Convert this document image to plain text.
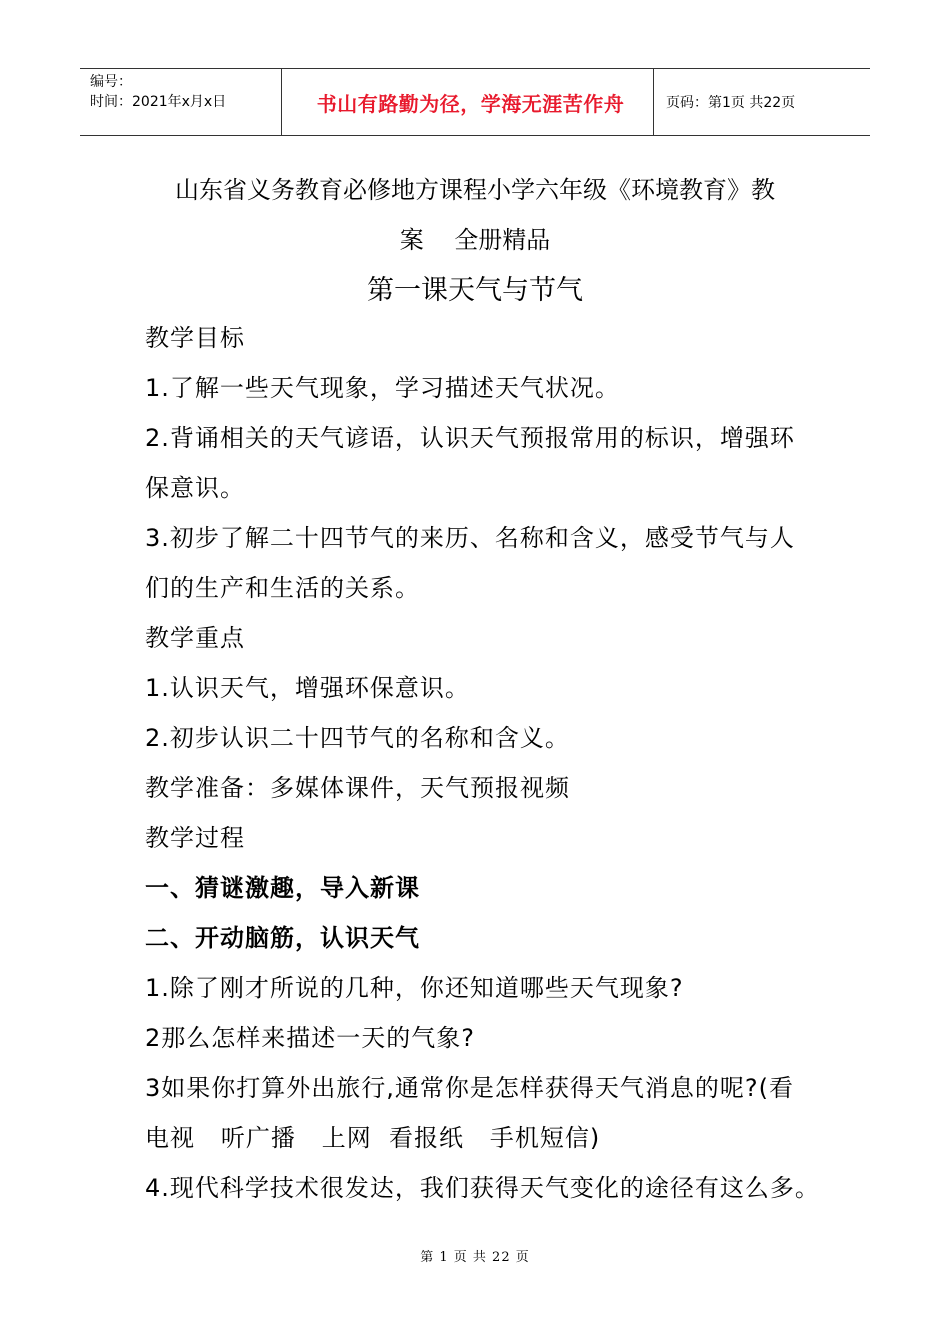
编号：
时间：2021年x月x日	书山有路勤为径，学海无涯苦作舟	页码：第1页 共22页
山东省义务教育必修地方课程小学六年级《环境教育》教
案    全册精品
第一课天气与节气
教学目标
1.了解一些天气现象，学习描述天气状况。
2.背诵相关的天气谚语，认识天气预报常用的标识，增强环
保意识。
3.初步了解二十四节气的来历、名称和含义，感受节气与人
们的生产和生活的关系。
教学重点
1.认识天气，增强环保意识。
2.初步认识二十四节气的名称和含义。
教学准备：多媒体课件，天气预报视频
教学过程
一、猜谜激趣，导入新课
二、开动脑筋，认识天气
1.除了刚才所说的几种，你还知道哪些天气现象?
2那么怎样来描述一天的气象?
3如果你打算外出旅行,通常你是怎样获得天气消息的呢?(看
电视   听广播   上网  看报纸   手机短信)
4.现代科学技术很发达，我们获得天气变化的途径有这么多。
第 1 页 共 22 页
